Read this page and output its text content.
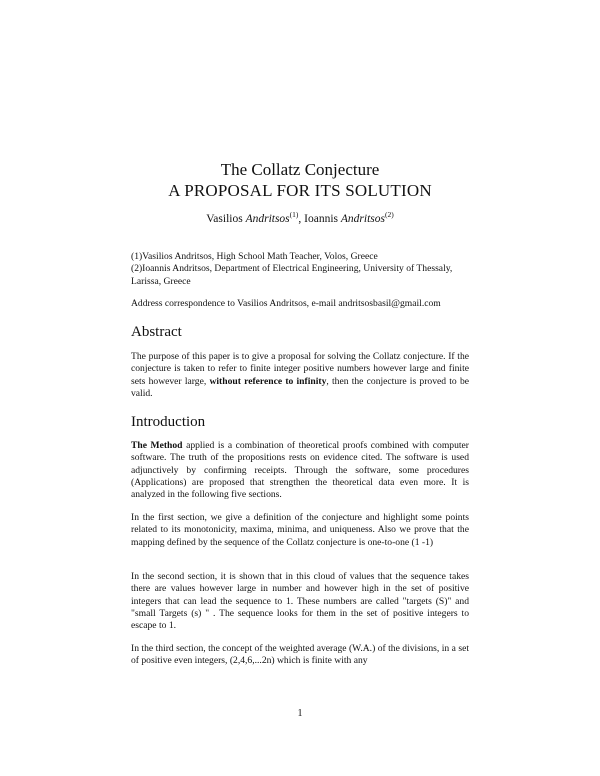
The Collatz Conjecture
A PROPOSAL FOR ITS SOLUTION
Vasilios Andritsos$^{(1)}$, Ioannis Andritsos$^{(2)}$

(1)Vasilios Andritsos, High School Math Teacher, Volos, Greece

(2)Ioannis Andritsos, Department of Electrical Engineering, University of Thessaly, Larissa, Greece

Address correspondence to Vasilios Andritsos, e-mail andritsosbasil@gmail.com
Abstract
The purpose of this paper is to give a proposal for solving the Collatz conjecture. If the conjecture is taken to refer to finite integer positive numbers however large and finite sets however large, without reference to infinity, then the conjecture is proved to be valid.
Introduction
The Method applied is a combination of theoretical proofs combined with computer software. The truth of the propositions rests on evidence cited. The software is used adjunctively by confirming receipts. Through the software, some procedures (Applications) are proposed that strengthen the theoretical data even more. It is analyzed in the following five sections.
In the first section, we give a definition of the conjecture and highlight some points related to its monotonicity, maxima, minima, and uniqueness. Also we prove that the mapping defined by the sequence of the Collatz conjecture is one-to-one (1 -1)
In the second section, it is shown that in this cloud of values that the sequence takes there are values however large in number and however high in the set of positive integers that can lead the sequence to 1. These numbers are called "targets (S)" and "small Targets (s) " . The sequence looks for them in the set of positive integers to escape to 1.
In the third section, the concept of the weighted average (W.A.) of the divisions, in a set of positive even integers, (2,4,6,...2n) which is finite with any
1
